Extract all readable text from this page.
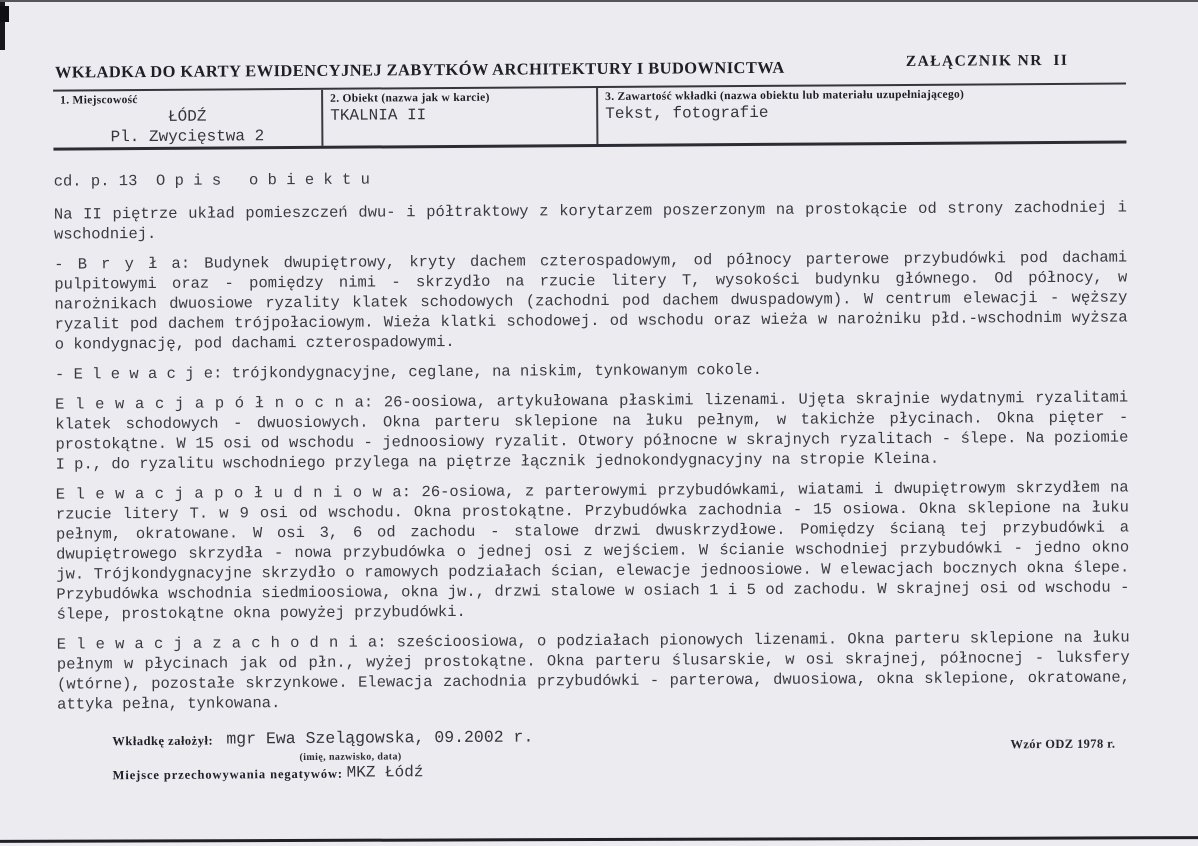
WKŁADKA DO KARTY EWIDENCYJNEJ ZABYTKÓW ARCHITEKTURY I BUDOWNICTWA	ZAŁĄCZNIK NR  II
1. Miejscowość
ŁÓDŹ
Pl. Zwycięstwa 2
2. Obiekt (nazwa jak w karcie)
TKALNIA II
3. Zawartość wkładki (nazwa obiektu lub materiału uzupełniającego)
Tekst, fotografie
cd. p. 13  O p i s   o b i e k t u

Na II piętrze układ pomieszczeń dwu- i półtraktowy z korytarzem poszerzonym na prostokącie od strony zachodniej i wschodniej.

- B r y ł a: Budynek dwupiętrowy, kryty dachem czterospadowym, od północy parterowe przybudówki pod dachami pulpitowymi oraz - pomiędzy nimi - skrzydło na rzucie litery T, wysokości budynku głównego. Od północy, w narożnikach dwuosiowe ryzality klatek schodowych (zachodni pod dachem dwuspadowym). W centrum elewacji - węższy ryzalit pod dachem trójpołaciowym. Wieża klatki schodowej. od wschodu oraz wieża w narożniku płd.-wschodnim wyższa o kondygnację, pod dachami czterospadowymi.

- E l e w a c j e: trójkondygnacyjne, ceglane, na niskim, tynkowanym cokole.

E l e w a c j a p ó ł n o c n a: 26-oosiowa, artykułowana płaskimi lizenami. Ujęta skrajnie wydatnymi ryzalitami klatek schodowych - dwuosiowych. Okna parteru sklepione na łuku pełnym, w takichże płycinach. Okna pięter - prostokątne. W 15 osi od wschodu - jednoosiowy ryzalit. Otwory północne w skrajnych ryzalitach - ślepe. Na poziomie I p., do ryzalitu wschodniego przylega na piętrze łącznik jednokondygnacyjny na stropie Kleina.

E l e w a c j a p o ł u d n i o w a: 26-osiowa, z parterowymi przybudówkami, wiatami i dwupiętrowym skrzydłem na rzucie litery T. w 9 osi od wschodu. Okna prostokątne. Przybudówka zachodnia - 15 osiowa. Okna sklepione na łuku pełnym, okratowane. W osi 3, 6 od zachodu - stalowe drzwi dwuskrzydłowe. Pomiędzy ścianą tej przybudówki a dwupiętrowego skrzydła - nowa przybudówka o jednej osi z wejściem. W ścianie wschodniej przybudówki - jedno okno jw. Trójkondygnacyjne skrzydło o ramowych podziałach ścian, elewacje jednoosiowe. W elewacjach bocznych okna ślepe. Przybudówka wschodnia siedmioosiowa, okna jw., drzwi stalowe w osiach 1 i 5 od zachodu. W skrajnej osi od wschodu - ślepe, prostokątne okna powyżej przybudówki.

E l e w a c j a z a c h o d n i a: sześcioosiowa, o podziałach pionowych lizenami. Okna parteru sklepione na łuku pełnym w płycinach jak od płn., wyżej prostokątne. Okna parteru ślusarskie, w osi skrajnej, północnej - luksfery (wtórne), pozostałe skrzynkowe. Elewacja zachodnia przybudówki - parterowa, dwuosiowa, okna sklepione, okratowane, attyka pełna, tynkowana.

Wkładkę założył: mgr Ewa Szelągowska, 09.2002 r.
(imię, nazwisko, data)
Miejsce przechowywania negatywów: MKZ Łódź
Wzór ODZ 1978 r.
